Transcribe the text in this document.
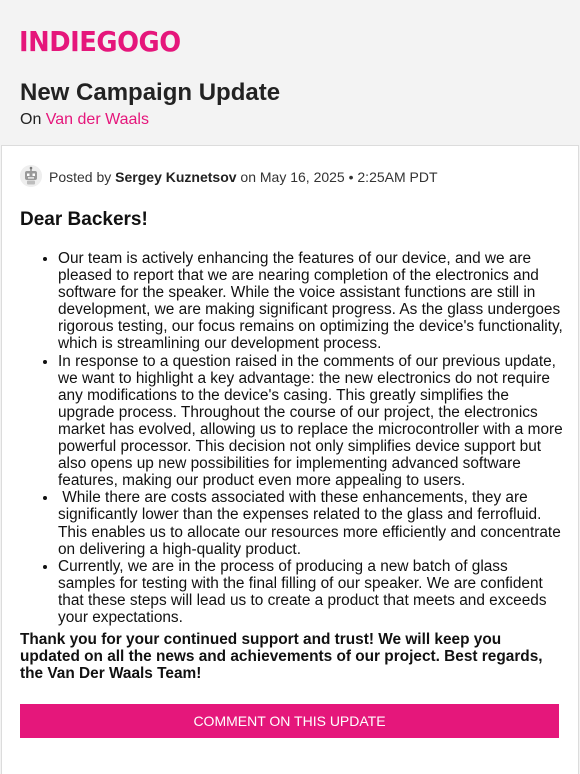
INDIEGOGO
New Campaign Update
On Van der Waals
Posted by Sergey Kuznetsov on May 16, 2025 • 2:25AM PDT
Dear Backers!
• Our team is actively enhancing the features of our device, and we are pleased to report that we are nearing completion of the electronics and software for the speaker. While the voice assistant functions are still in development, we are making significant progress. As the glass undergoes rigorous testing, our focus remains on optimizing the device's functionality, which is streamlining our development process.
• In response to a question raised in the comments of our previous update, we want to highlight a key advantage: the new electronics do not require any modifications to the device's casing. This greatly simplifies the upgrade process. Throughout the course of our project, the electronics market has evolved, allowing us to replace the microcontroller with a more powerful processor. This decision not only simplifies device support but also opens up new possibilities for implementing advanced software features, making our product even more appealing to users.
•  While there are costs associated with these enhancements, they are significantly lower than the expenses related to the glass and ferrofluid. This enables us to allocate our resources more efficiently and concentrate on delivering a high-quality product.
• Currently, we are in the process of producing a new batch of glass samples for testing with the final filling of our speaker. We are confident that these steps will lead us to create a product that meets and exceeds your expectations.

Thank you for your continued support and trust! We will keep you updated on all the news and achievements of our project. Best regards, the Van Der Waals Team!

COMMENT ON THIS UPDATE
